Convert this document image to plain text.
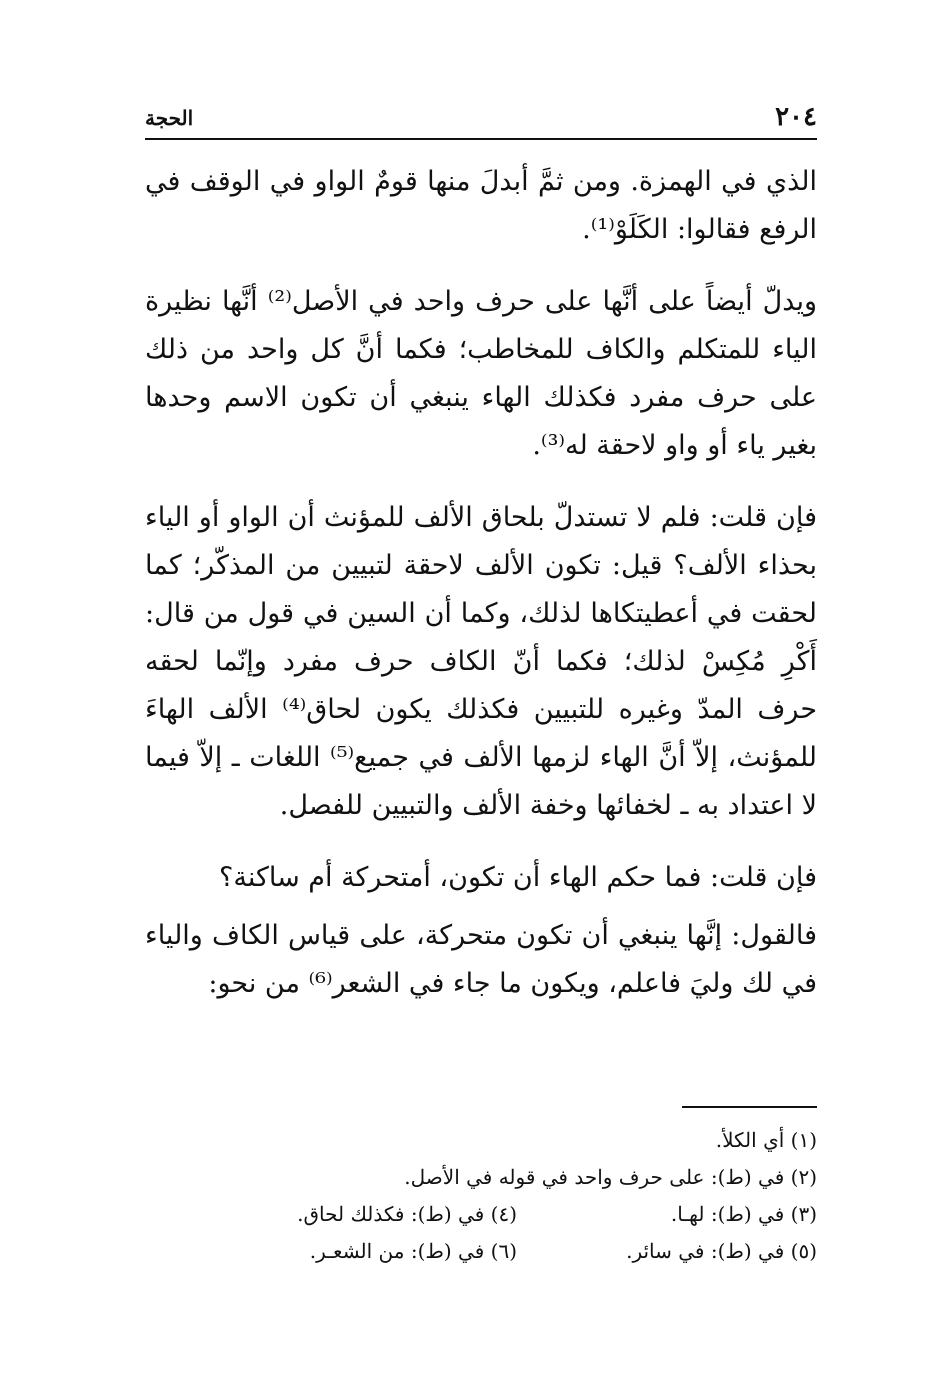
٢٠٤
الحجة

الذي في الهمزة. ومن ثمَّ أبدلَ منها قومٌ الواو في الوقف في الرفع فقالوا: الكَلَوْ⁽¹⁾.

ويدلّ أيضاً على أنَّها على حرف واحد في الأصل⁽²⁾ أنَّها نظيرة الياء للمتكلم والكاف للمخاطب؛ فكما أنَّ كل واحد من ذلك على حرف مفرد فكذلك الهاء ينبغي أن تكون الاسم وحدها بغير ياء أو واو لاحقة له⁽³⁾.

فإن قلت: فلم لا تستدلّ بلحاق الألف للمؤنث أن الواو أو الياء بحذاء الألف؟ قيل: تكون الألف لاحقة لتبيين من المذكّر؛ كما لحقت في أعطيتكاها لذلك، وكما أن السين في قول من قال: أَكْرِ مُكِسْ لذلك؛ فكما أنّ الكاف حرف مفرد وإنّما لحقه حرف المدّ وغيره للتبيين فكذلك يكون لحاق⁽⁴⁾ الألف الهاءَ للمؤنث، إلاّ أنَّ الهاء لزمها الألف في جميع⁽⁵⁾ اللغات ـ إلاّ فيما لا اعتداد به ـ لخفائها وخفة الألف والتبيين للفصل.

فإن قلت: فما حكم الهاء أن تكون، أمتحركة أم ساكنة؟

فالقول: إنَّها ينبغي أن تكون متحركة، على قياس الكاف والياء في لك وليَ فاعلم، ويكون ما جاء في الشعر⁽⁶⁾ من نحو:

(١) أي الكلأ.
(٢) في (ط): على حرف واحد في قوله في الأصل.
(٣) في (ط): لهـا.
(٤) في (ط): فكذلك لحاق.
(٥) في (ط): في سائر.
(٦) في (ط): من الشعـر.
